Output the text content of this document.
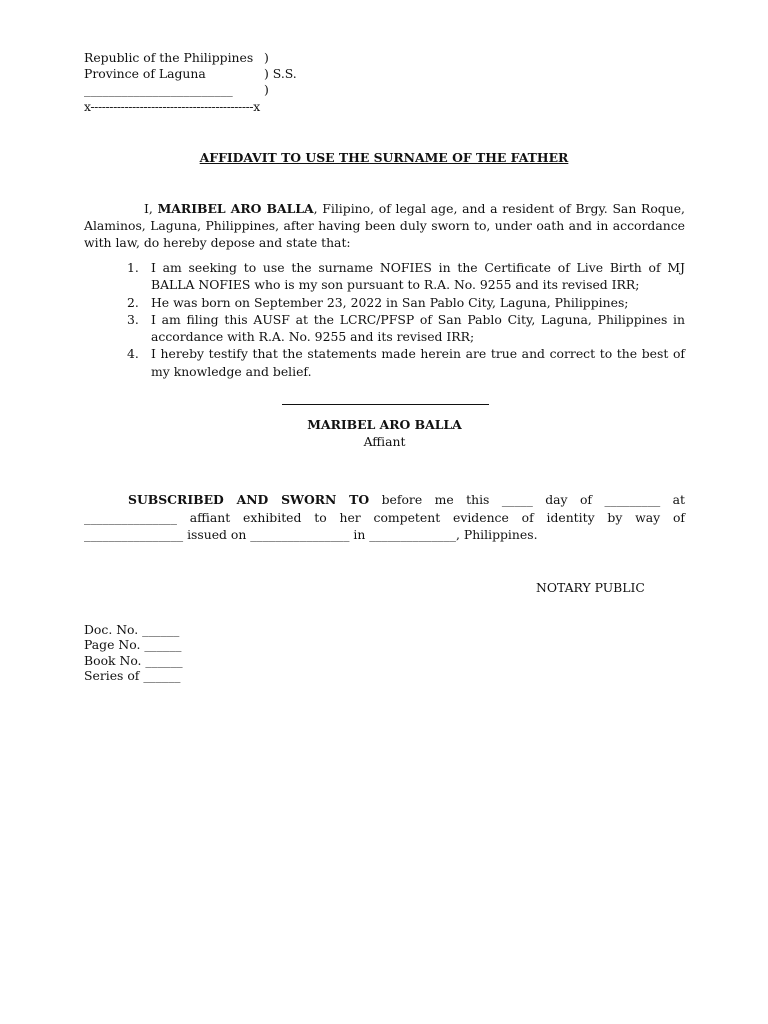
Republic of the Philippines )
Province of Laguna	) S.S.
________________________	)
x-------------------------------------------x
AFFIDAVIT TO USE THE SURNAME OF THE FATHER
I, MARIBEL ARO BALLA, Filipino, of legal age, and a resident of Brgy. San Roque, Alaminos, Laguna, Philippines, after having been duly sworn to, under oath and in accordance with law, do hereby depose and state that:
1. I am seeking to use the surname NOFIES in the Certificate of Live Birth of MJ BALLA NOFIES who is my son pursuant to R.A. No. 9255 and its revised IRR;
2. He was born on September 23, 2022 in San Pablo City, Laguna, Philippines;
3. I am filing this AUSF at the LCRC/PFSP of San Pablo City, Laguna, Philippines in accordance with R.A. No. 9255 and its revised IRR;
4. I hereby testify that the statements made herein are true and correct to the best of my knowledge and belief.
MARIBEL ARO BALLA
Affiant
SUBSCRIBED AND SWORN TO before me this _____ day of _________ at _______________ affiant exhibited to her competent evidence of identity by way of ________________ issued on ________________ in ______________, Philippines.
NOTARY PUBLIC
Doc. No. ______
Page No. ______
Book No. ______
Series of ______
